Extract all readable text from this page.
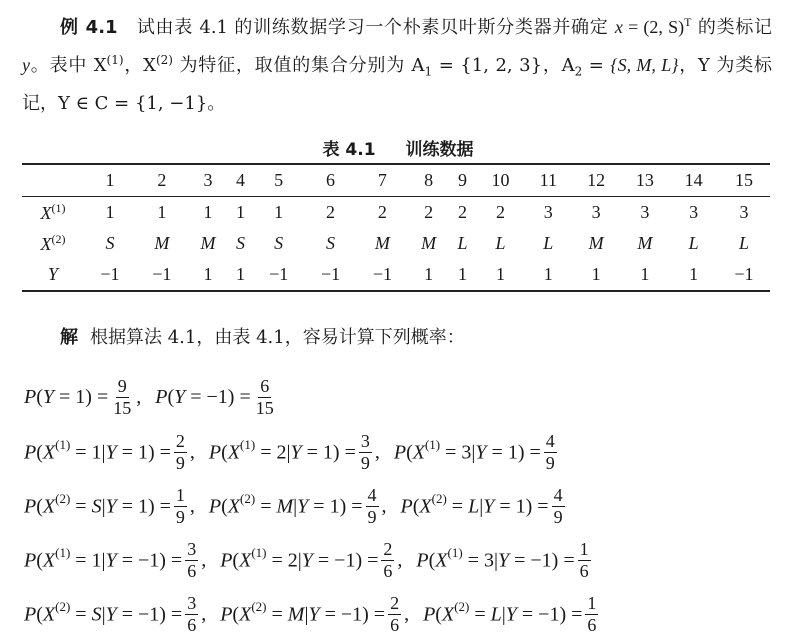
例 4.1 试由表 4.1 的训练数据学习一个朴素贝叶斯分类器并确定 x = (2, S)$^T$ 的类标记 y。表中 $X^{(1)}$，$X^{(2)}$ 为特征，取值的集合分别为 $A_1 = \{1$, 2, 3}，$A_2 = \{S$, M, L}，Y 为类标记，Y ∈ C = {1, −1}。
表 4.1 训练数据
	1	2	3	4	5	6	7	8	9	10	11	12	13	14	15
$X^{(1)}$	1	1	1	1	1	2	2	2	2	2	3	3	3	3	3
$X^{(2)}$	S	M	M	S	S	S	M	M	L	L	L	M	M	L	L
Y	−1	−1	1	1	−1	−1	−1	1	1	1	1	1	1	1	−1
解 根据算法 4.1，由表 4.1，容易计算下列概率：
$P(Y = 1) = \frac{9}{15}$ , $P(Y = -1) = \frac{6}{15}$
$P(X^{(1)} = 1|Y = 1) = \frac{2}{9}$ , $P(X^{(1)} = 2|Y = 1) = \frac{3}{9}$ , $P(X^{(1)} = 3|Y = 1) = \frac{4}{9}$
$P(X^{(2)} = S|Y = 1) = \frac{1}{9}$ , $P(X^{(2)} = M|Y = 1) = \frac{4}{9}$ , $P(X^{(2)} = L|Y = 1) = \frac{4}{9}$
$P(X^{(1)} = 1|Y = -1) = \frac{3}{6}$ , $P(X^{(1)} = 2|Y = -1) = \frac{2}{6}$ , $P(X^{(1)} = 3|Y = -1) = \frac{1}{6}$
$P(X^{(2)} = S|Y = -1) = \frac{3}{6}$ , $P(X^{(2)} = M|Y = -1) = \frac{2}{6}$ , $P(X^{(2)} = L|Y = -1) = \frac{1}{6}$
